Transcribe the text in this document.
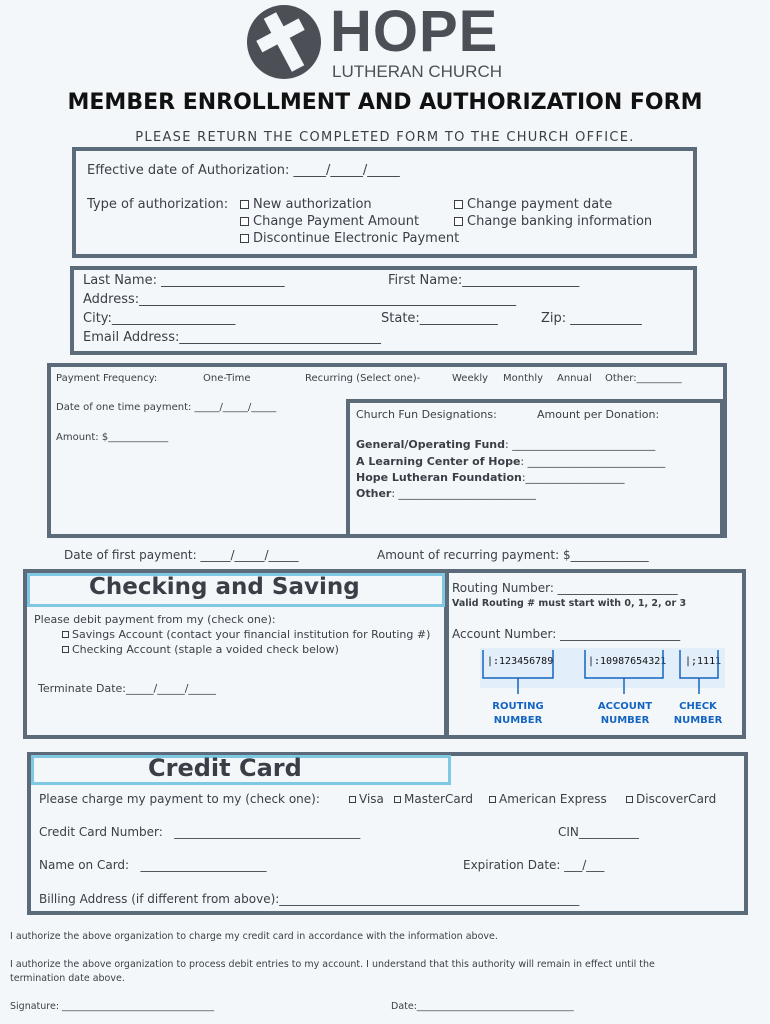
HOPE
LUTHERAN CHURCH
MEMBER ENROLLMENT AND AUTHORIZATION FORM
PLEASE RETURN THE COMPLETED FORM TO THE CHURCH OFFICE.
Effective date of Authorization: _____/_____/_____
Type of authorization:	New authorization
Change Payment Amount
Discontinue Electronic Payment
Change payment date
Change banking information
Last Name: ___________________	First Name:__________________
Address:__________________________________________________________
City:___________________	State:____________	Zip: ___________
Email Address:_______________________________
Payment Frequency:	One-Time	Recurring (Select one)-	Weekly Monthly Annual Other:_________
Date of one time payment: _____/_____/_____
Amount: $____________
Church Fun Designations:	Amount per Donation:
General/Operating Fund: __________________________
A Learning Center of Hope: _________________________
Hope Lutheran Foundation:__________________
Other: _________________________
Date of first payment: _____/_____/_____	Amount of recurring payment: $_____________
Checking and Saving
Please debit payment from my (check one):
Savings Account (contact your financial institution for Routing #)
Checking Account (staple a voided check below)
Terminate Date:_____/_____/_____
Routing Number: ____________________
Valid Routing # must start with 0, 1, 2, or 3
Account Number: ____________________
|:123456789	|:10987654321 |;1111
ROUTING NUMBER
ACCOUNT NUMBER
CHECK NUMBER
Credit Card
Please charge my payment to my (check one):	Visa	MasterCard	American Express	DiscoverCard
Credit Card Number:   _______________________________	CIN__________
Name on Card:   _____________________	Expiration Date: ___/___
Billing Address (if different from above):__________________________________________________
I authorize the above organization to charge my credit card in accordance with the information above.
I authorize the above organization to process debit entries to my account. I understand that this authority will remain in effect until the
termination date above.
Signature: ________________________________	Date:_________________________________
